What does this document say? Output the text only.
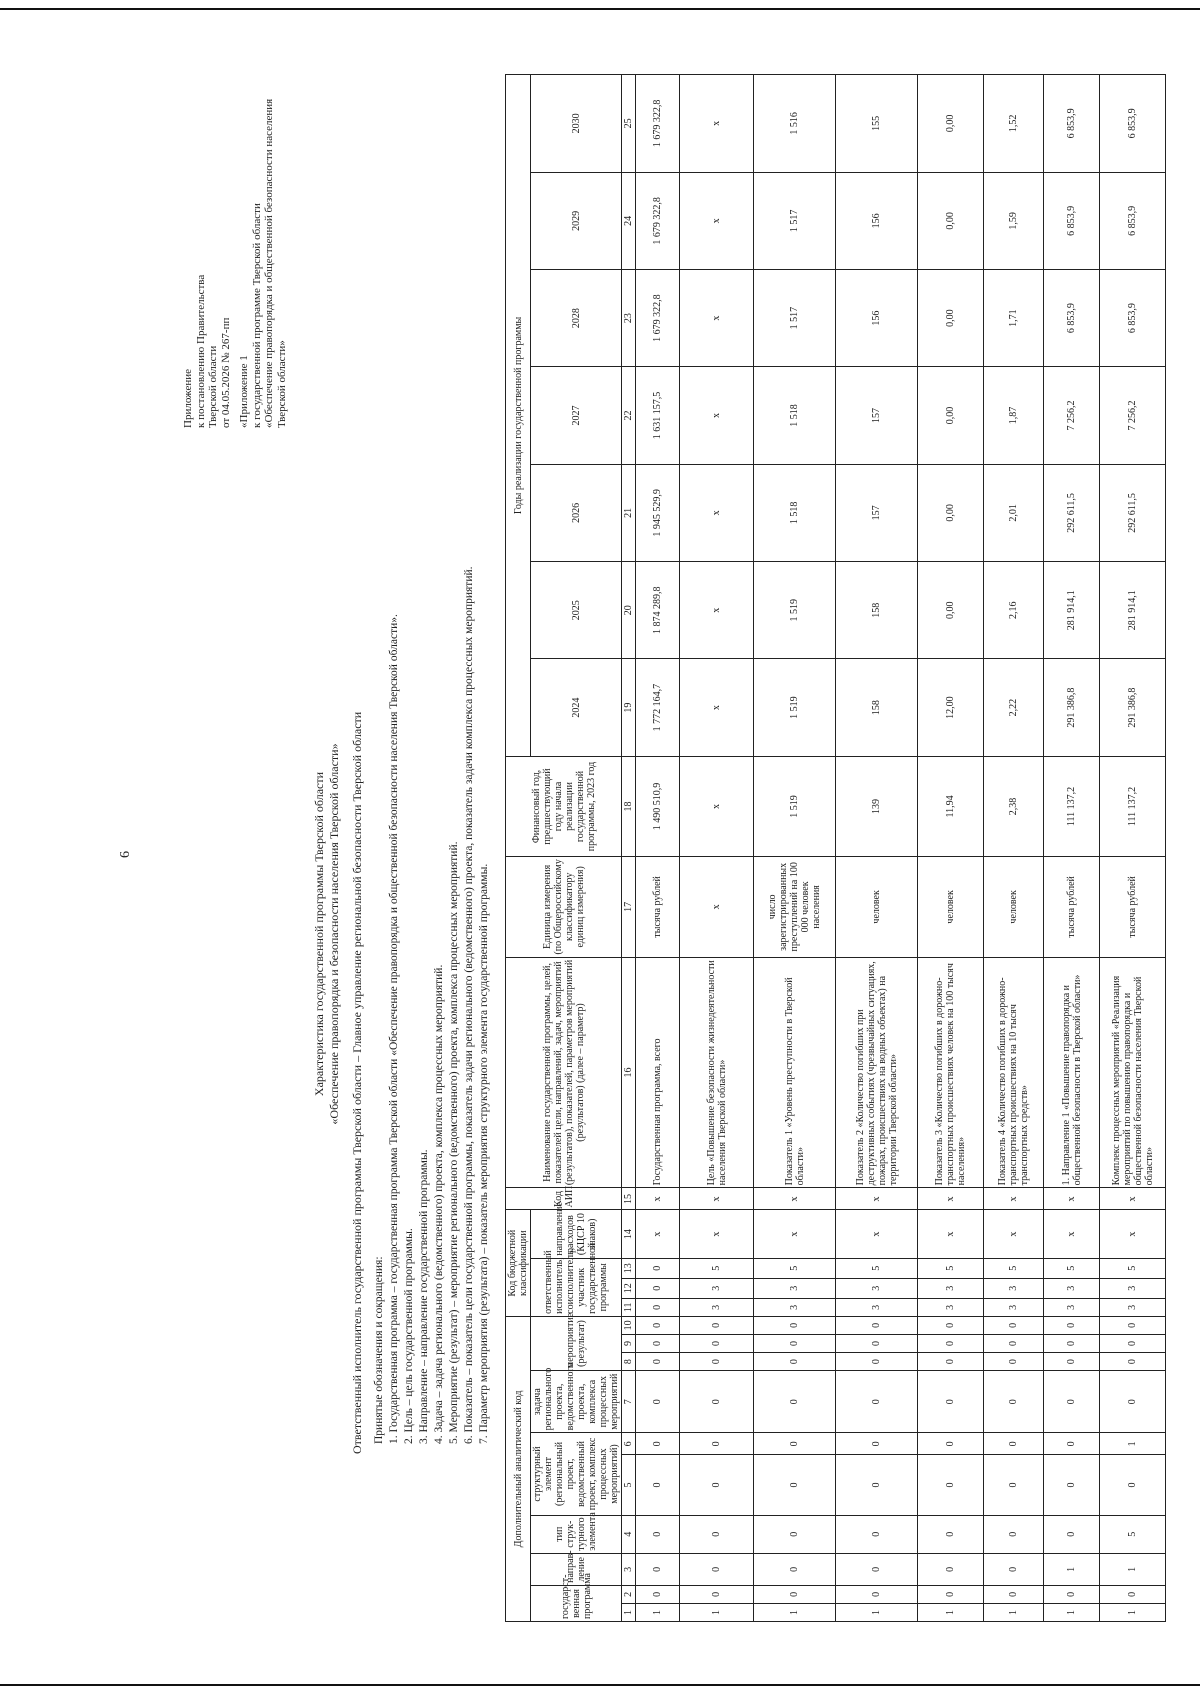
6
Приложение к постановлению Правительства Тверской области от 04.05.2026 № 267-пп «Приложение 1 к государственной программе Тверской области «Обеспечение правопорядка и общественной безопасности населения Тверской области»
Характеристика государственной программы Тверской области «Обеспечение правопорядка и безопасности населения Тверской области» Ответственный исполнитель государственной программы Тверской области – Главное управление региональной безопасности Тверской области Принятые обозначения и сокращения: 1. Государственная программа – государственная программа Тверской области «Обеспечение правопорядка и общественной безопасности населения Тверской области». 2. Цель – цель государственной программы. 3. Направление – направление государственной программы. 4. Задача – задача регионального (ведомственного) проекта, комплекса процессных мероприятий. 5. Мероприятие (результат) – мероприятие регионального (ведомственного) проекта, комплекса процессных мероприятий. 6. Показатель – показатель цели государственной программы, показатель задачи регионального (ведомственного) проекта, показатель задачи комплекса процессных мероприятий. 7. Параметр мероприятия (результата) – показатель мероприятия структурного элемента государственной программы.
Дополнительный аналитический код										Код бюджетной классификации				Код АИП	Наименование государственной программы, целей, показателей цели, направлений, задач, мероприятий (результатов), показателей, параметров мероприятий (результатов) (далее – параметр)	Единица измерения (по Общероссийскому классификатору единиц измерения)	Финансовый год, предшествующий году начала реализации государственной программы, 2023 год	Годы реализации государственной программы						
государст-венная программа		направ-ление	тип струк-турного элемента	структурный элемент (региональный проект, ведомственный проект, комплекс процессных мероприятий)		задача регионального проекта, ведомственного проекта, комплекса процессных мероприятий	мероприятие (результат)			ответственный исполнитель, соисполнитель, участник государственной программы			направление расходов (КЦСР 10 знаков)					2024	2025	2026	2027	2028	2029	2030
1	2	3	4	5	6	7	8	9	10	11	12	13	14	15	16	17	18	19	20	21	22	23	24	25
1	0	0	0	0	0	0	0	0	0	0	0	0	х	х	Государственная программа, всего	тысяча рублей	1 490 510,9	1 772 164,7	1 874 289,8	1 945 529,9	1 631 157,5	1 679 322,8	1 679 322,8	1 679 322,8
1	0	0	0	0	0	0	0	0	0	3	3	5	х	х	Цель «Повышение безопасности жизнедеятельности населения Тверской области»	х	х	х	х	х	х	х	х	х
1	0	0	0	0	0	0	0	0	0	3	3	5	х	х	Показатель 1 «Уровень преступности в Тверской области»	число зарегистрированных преступлений на 100 000 человек населения	1 519	1 519	1 519	1 518	1 518	1 517	1 517	1 516
1	0	0	0	0	0	0	0	0	0	3	3	5	х	х	Показатель 2 «Количество погибших при деструктивных событиях (чрезвычайных ситуациях, пожарах, происшествиях на водных объектах) на территории Тверской области»	человек	139	158	158	157	157	156	156	155
1	0	0	0	0	0	0	0	0	0	3	3	5	х	х	Показатель 3 «Количество погибших в дорожно-транспортных происшествиях человек на 100 тысяч населения»	человек	11,94	12,00	0,00	0,00	0,00	0,00	0,00	0,00
1	0	0	0	0	0	0	0	0	0	3	3	5	х	х	Показатель 4 «Количество погибших в дорожно-транспортных происшествиях на 10 тысяч транспортных средств»	человек	2,38	2,22	2,16	2,01	1,87	1,71	1,59	1,52
1	0	1	0	0	0	0	0	0	0	3	3	5	х	х	1. Направление 1 «Повышение правопорядка и общественной безопасности в Тверской области»	тысяча рублей	111 137,2	291 386,8	281 914,1	292 611,5	7 256,2	6 853,9	6 853,9	6 853,9
1	0	1	5	0	1	0	0	0	0	3	3	5	х	х	Комплекс процессных мероприятий «Реализация мероприятий по повышению правопорядка и общественной безопасности населения Тверской области»	тысяча рублей	111 137,2	291 386,8	281 914,1	292 611,5	7 256,2	6 853,9	6 853,9	6 853,9
